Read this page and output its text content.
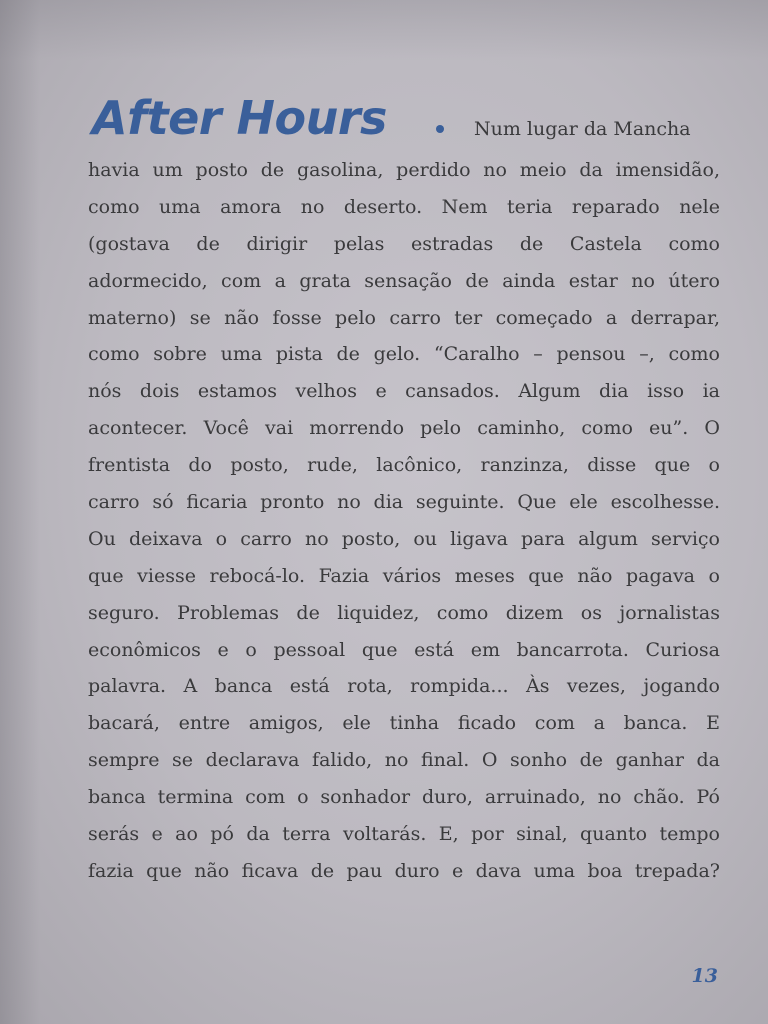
After Hours	Num lugar da Mancha
havia um posto de gasolina, perdido no meio da imensidão,
como uma amora no deserto. Nem teria reparado nele
(gostava de dirigir pelas estradas de Castela como
adormecido, com a grata sensação de ainda estar no útero
materno) se não fosse pelo carro ter começado a derrapar,
como sobre uma pista de gelo. “Caralho – pensou –, como
nós dois estamos velhos e cansados. Algum dia isso ia
acontecer. Você vai morrendo pelo caminho, como eu”. O
frentista do posto, rude, lacônico, ranzinza, disse que o
carro só ficaria pronto no dia seguinte. Que ele escolhesse.
Ou deixava o carro no posto, ou ligava para algum serviço
que viesse rebocá-lo. Fazia vários meses que não pagava o
seguro. Problemas de liquidez, como dizem os jornalistas
econômicos e o pessoal que está em bancarrota. Curiosa
palavra. A banca está rota, rompida... Às vezes, jogando
bacará, entre amigos, ele tinha ficado com a banca. E
sempre se declarava falido, no final. O sonho de ganhar da
banca termina com o sonhador duro, arruinado, no chão. Pó
serás e ao pó da terra voltarás. E, por sinal, quanto tempo
fazia que não ficava de pau duro e dava uma boa trepada?
13
